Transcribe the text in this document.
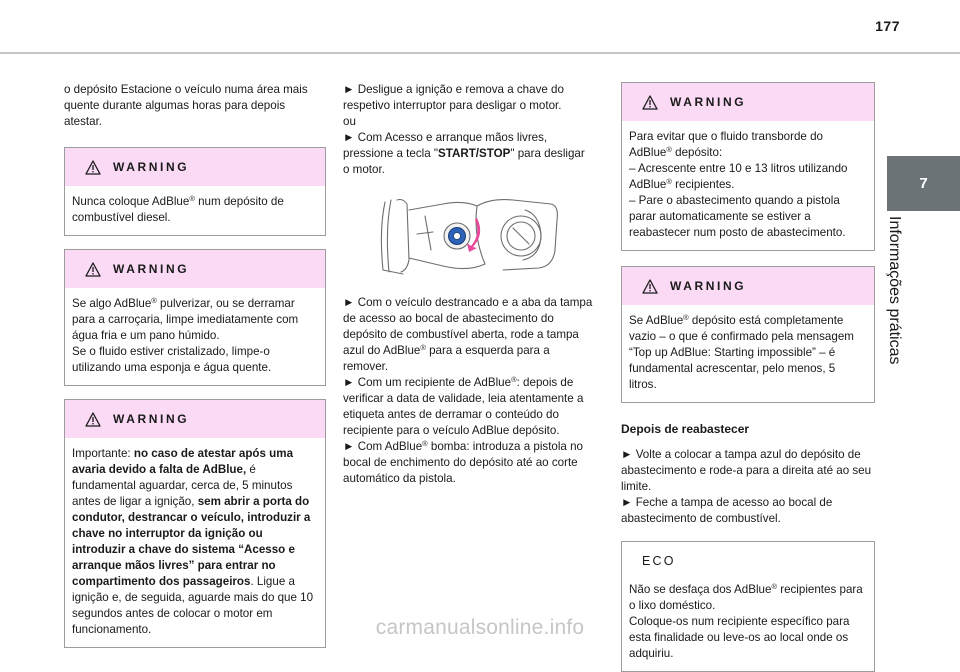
177
7
Informações práticas

o depósito Estacione o veículo numa área mais quente durante algumas horas para depois atestar.

WARNING

Nunca coloque AdBlue® num depósito de combustível diesel.

WARNING

Se algo AdBlue® pulverizar, ou se derramar para a carroçaria, limpe imediatamente com água fria e um pano húmido.

Se o fluido estiver cristalizado, limpe-o utilizando uma esponja e água quente.

WARNING

Importante: no caso de atestar após uma avaria devido a falta de AdBlue, é fundamental aguardar, cerca de, 5 minutos antes de ligar a ignição, sem abrir a porta do condutor, destrancar o veículo, introduzir a chave no interruptor da ignição ou introduzir a chave do sistema “Acesso e arranque mãos livres” para entrar no compartimento dos passageiros. Ligue a ignição e, de seguida, aguarde mais do que 10 segundos antes de colocar o motor em funcionamento.

► Desligue a ignição e remova a chave do respetivo interruptor para desligar o motor.

ou

► Com Acesso e arranque mãos livres, pressione a tecla "START/STOP" para desligar o motor.

► Com o veículo destrancado e a aba da tampa de acesso ao bocal de abastecimento do depósito de combustível aberta, rode a tampa azul do AdBlue® para a esquerda para a remover.

► Com um recipiente de AdBlue®: depois de verificar a data de validade, leia atentamente a etiqueta antes de derramar o conteúdo do recipiente para o veículo AdBlue depósito.

► Com AdBlue® bomba: introduza a pistola no bocal de enchimento do depósito até ao corte automático da pistola.

WARNING

Para evitar que o fluido transborde do AdBlue® depósito:

– Acrescente entre 10 e 13 litros utilizando AdBlue® recipientes.

– Pare o abastecimento quando a pistola parar automaticamente se estiver a reabastecer num posto de abastecimento.

WARNING

Se AdBlue® depósito está completamente vazio – o que é confirmado pela mensagem “Top up AdBlue: Starting impossible” – é fundamental acrescentar, pelo menos, 5 litros.

Depois de reabastecer

► Volte a colocar a tampa azul do depósito de abastecimento e rode-a para a direita até ao seu limite.

► Feche a tampa de acesso ao bocal de abastecimento de combustível.

ECO

Não se desfaça dos AdBlue® recipientes para o lixo doméstico.

Coloque-os num recipiente específico para esta finalidade ou leve-os ao local onde os adquiriu.

carmanualsonline.info
